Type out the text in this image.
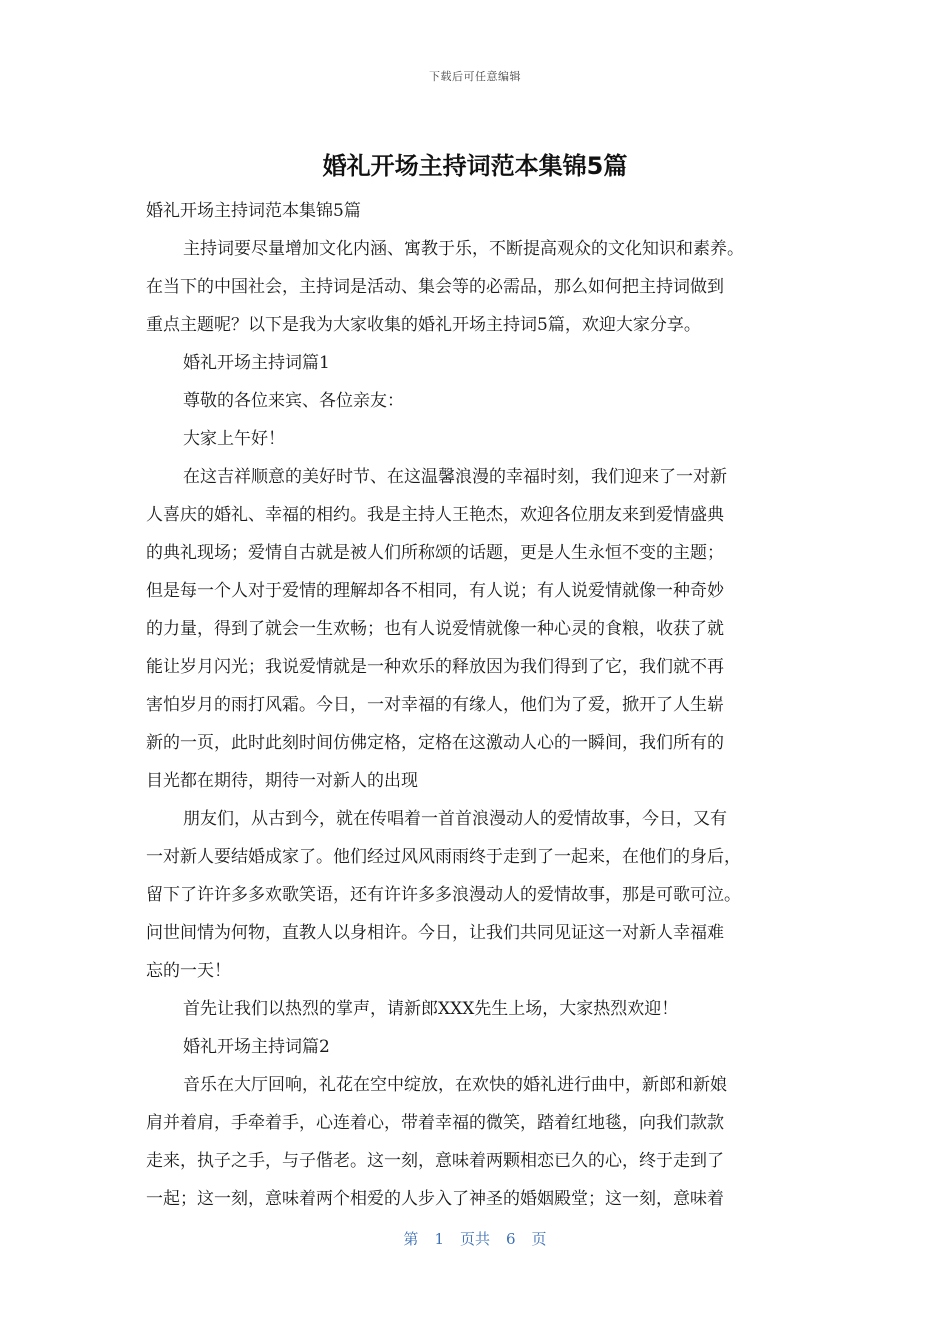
下载后可任意编辑
婚礼开场主持词范本集锦5篇

婚礼开场主持词范本集锦5篇

主持词要尽量增加文化内涵、寓教于乐，不断提高观众的文化知识和素养。

在当下的中国社会，主持词是活动、集会等的必需品，那么如何把主持词做到

重点主题呢？以下是我为大家收集的婚礼开场主持词5篇，欢迎大家分享。

婚礼开场主持词篇1

尊敬的各位来宾、各位亲友：

大家上午好！

在这吉祥顺意的美好时节、在这温馨浪漫的幸福时刻，我们迎来了一对新

人喜庆的婚礼、幸福的相约。我是主持人王艳杰，欢迎各位朋友来到爱情盛典

的典礼现场；爱情自古就是被人们所称颂的话题，更是人生永恒不变的主题；

但是每一个人对于爱情的理解却各不相同，有人说；有人说爱情就像一种奇妙

的力量，得到了就会一生欢畅；也有人说爱情就像一种心灵的食粮，收获了就

能让岁月闪光；我说爱情就是一种欢乐的释放因为我们得到了它，我们就不再

害怕岁月的雨打风霜。今日，一对幸福的有缘人，他们为了爱，掀开了人生崭

新的一页，此时此刻时间仿佛定格，定格在这激动人心的一瞬间，我们所有的

目光都在期待，期待一对新人的出现

朋友们，从古到今，就在传唱着一首首浪漫动人的爱情故事，今日，又有

一对新人要结婚成家了。他们经过风风雨雨终于走到了一起来，在他们的身后，

留下了许许多多欢歌笑语，还有许许多多浪漫动人的爱情故事，那是可歌可泣。

问世间情为何物，直教人以身相许。今日，让我们共同见证这一对新人幸福难

忘的一天！

首先让我们以热烈的掌声，请新郎XXX先生上场，大家热烈欢迎！

婚礼开场主持词篇2

音乐在大厅回响，礼花在空中绽放，在欢快的婚礼进行曲中，新郎和新娘

肩并着肩，手牵着手，心连着心，带着幸福的微笑，踏着红地毯，向我们款款

走来，执子之手，与子偕老。这一刻，意味着两颗相恋已久的心，终于走到了

一起；这一刻，意味着两个相爱的人步入了神圣的婚姻殿堂；这一刻，意味着

第 1 页共 6 页
